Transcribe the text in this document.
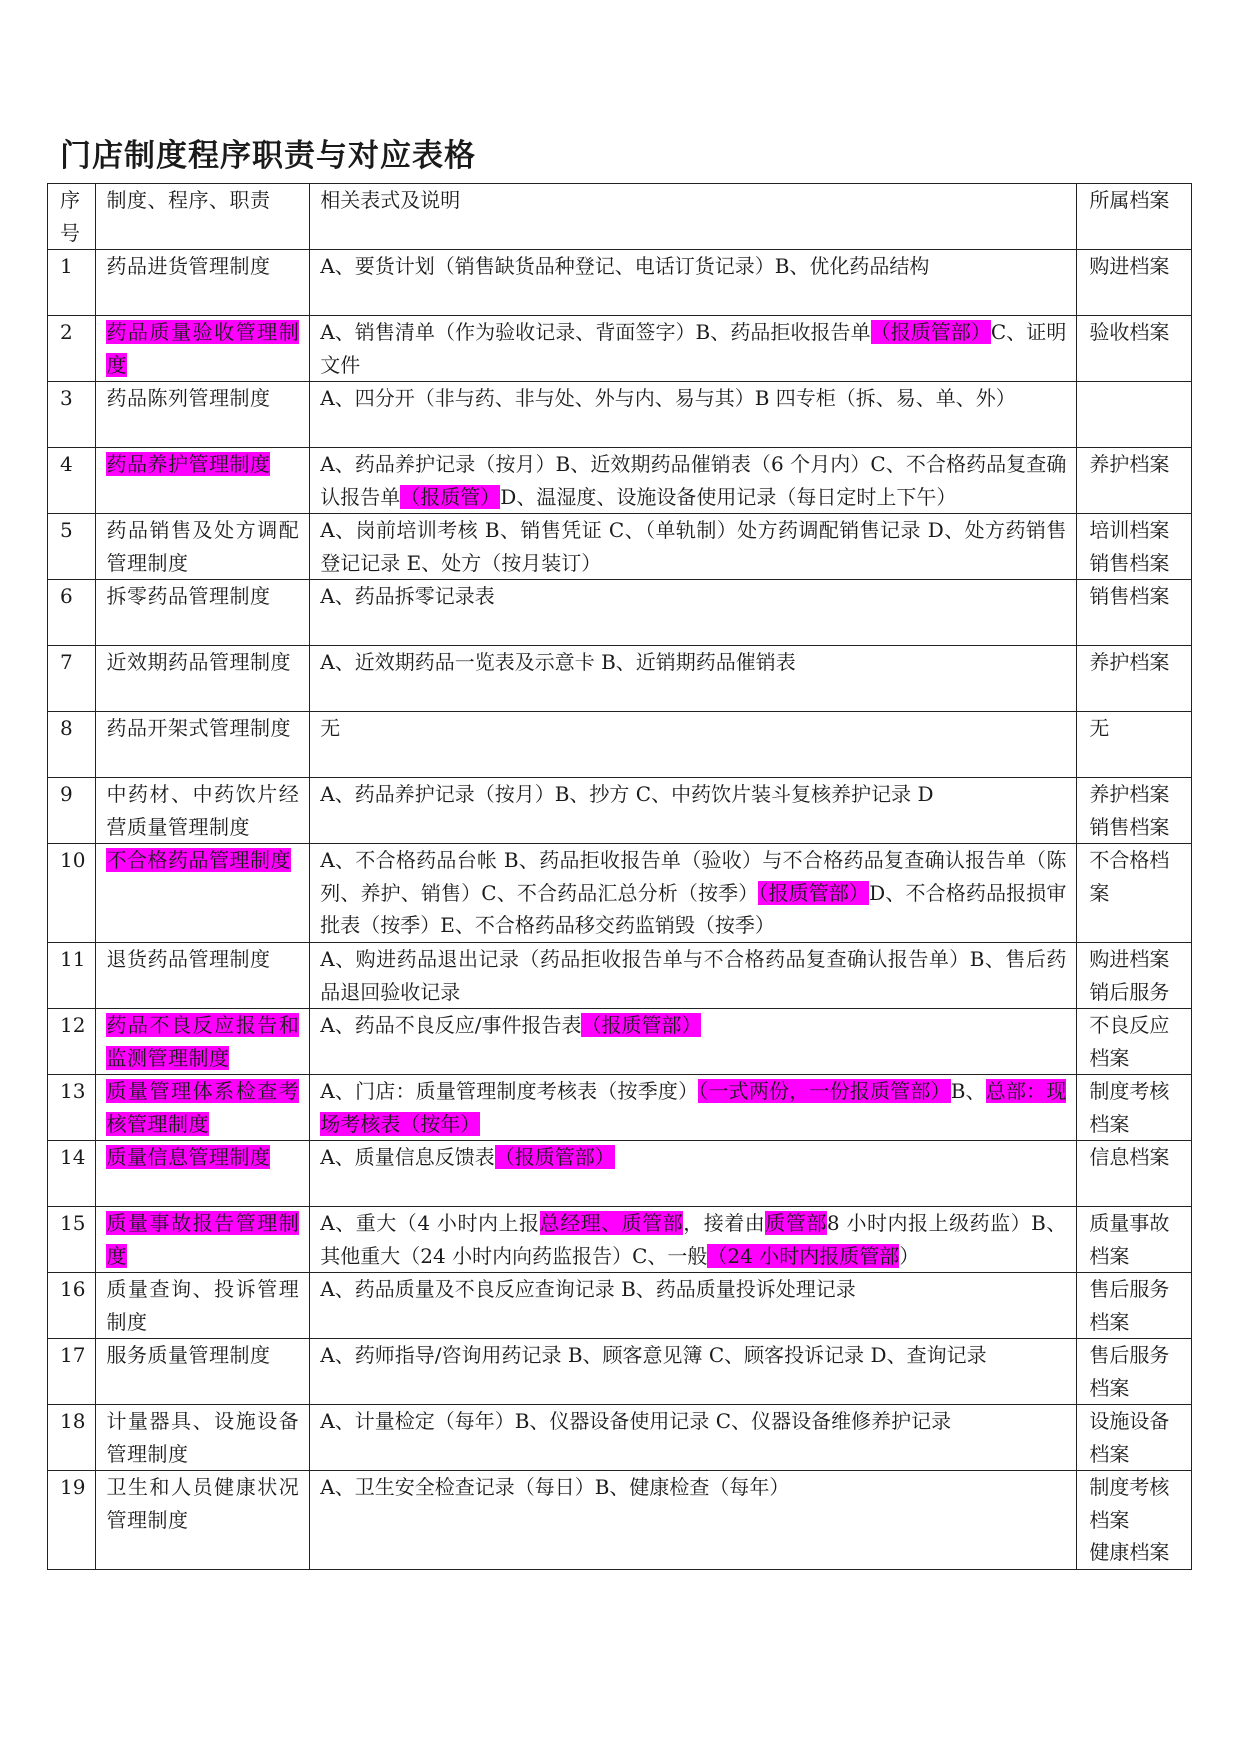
门店制度程序职责与对应表格
序号	制度、程序、职责	相关表式及说明	所属档案
1	药品进货管理制度	A、要货计划（销售缺货品种登记、电话订货记录）B、优化药品结构	购进档案

2	药品质量验收管理制度	A、销售清单（作为验收记录、背面签字）B、药品拒收报告单（报质管部）C、证明文件	验收档案

3	药品陈列管理制度	A、四分开（非与药、非与处、外与内、易与其）B 四专柜（拆、易、单、外）	
4	药品养护管理制度	A、药品养护记录（按月）B、近效期药品催销表（6 个月内）C、不合格药品复查确认报告单（报质管）D、温湿度、设施设备使用记录（每日定时上下午）	养护档案

5	药品销售及处方调配管理制度	A、岗前培训考核 B、销售凭证 C、（单轨制）处方药调配销售记录 D、处方药销售登记记录 E、处方（按月装订）	培训档案
销售档案

6	拆零药品管理制度	A、药品拆零记录表	销售档案

7	近效期药品管理制度	A、近效期药品一览表及示意卡 B、近销期药品催销表	养护档案

8	药品开架式管理制度	无	无

9	中药材、中药饮片经营质量管理制度	A、药品养护记录（按月）B、抄方 C、中药饮片装斗复核养护记录 D	养护档案
销售档案

10	不合格药品管理制度	A、不合格药品台帐 B、药品拒收报告单（验收）与不合格药品复查确认报告单（陈列、养护、销售）C、不合药品汇总分析（按季）（报质管部）D、不合格药品报损审批表（按季）E、不合格药品移交药监销毁（按季）	不合格档案

11	退货药品管理制度	A、购进药品退出记录（药品拒收报告单与不合格药品复查确认报告单）B、售后药品退回验收记录	购进档案
销后服务

12	药品不良反应报告和监测管理制度	A、药品不良反应/事件报告表（报质管部）	不良反应档案

13	质量管理体系检查考核管理制度	A、门店：质量管理制度考核表（按季度）（一式两份，一份报质管部）B、总部：现场考核表（按年）	制度考核档案

14	质量信息管理制度	A、质量信息反馈表（报质管部）	信息档案

15	质量事故报告管理制度	A、重大（4 小时内上报总经理、质管部，接着由质管部8 小时内报上级药监）B、其他重大（24 小时内向药监报告）C、一般（24 小时内报质管部）	质量事故档案

16	质量查询、投诉管理制度	A、药品质量及不良反应查询记录 B、药品质量投诉处理记录	售后服务档案

17	服务质量管理制度	A、药师指导/咨询用药记录 B、顾客意见簿 C、顾客投诉记录 D、查询记录	售后服务档案

18	计量器具、设施设备管理制度	A、计量检定（每年）B、仪器设备使用记录 C、仪器设备维修养护记录	设施设备档案

19	卫生和人员健康状况管理制度	A、卫生安全检查记录（每日）B、健康检查（每年）	制度考核档案
健康档案
